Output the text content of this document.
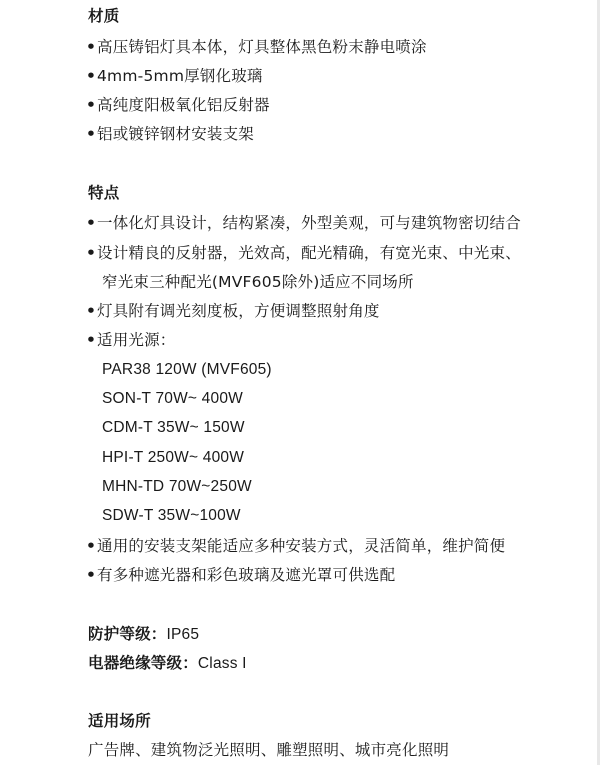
材质
•高压铸铝灯具本体，灯具整体黑色粉末静电喷涂
•4mm-5mm厚钢化玻璃
•高纯度阳极氧化铝反射器
•铝或镀锌钢材安装支架
特点
•一体化灯具设计，结构紧凑，外型美观，可与建筑物密切结合
•设计精良的反射器，光效高，配光精确，有宽光束、中光束、
窄光束三种配光(MVF605除外)适应不同场所
•灯具附有调光刻度板，方便调整照射角度
•适用光源：
PAR38 120W (MVF605)
SON-T 70W~ 400W
CDM-T 35W~ 150W
HPI-T 250W~ 400W
MHN-TD 70W~250W
SDW-T 35W~100W
•通用的安装支架能适应多种安装方式，灵活简单，维护简便
•有多种遮光器和彩色玻璃及遮光罩可供选配
防护等级：IP65
电器绝缘等级：Class I
适用场所
广告牌、建筑物泛光照明、雕塑照明、城市亮化照明
